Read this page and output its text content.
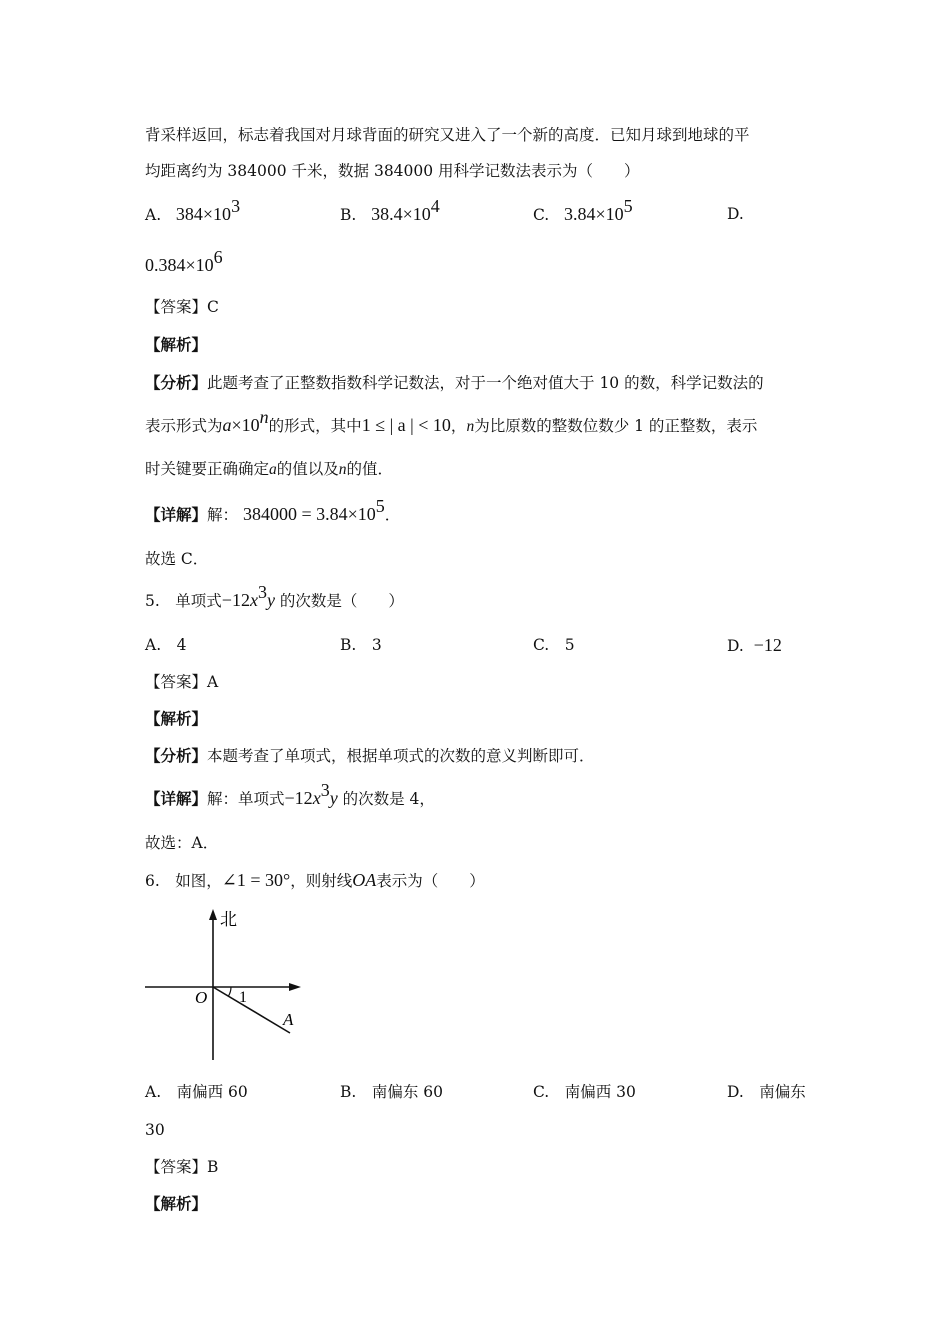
背采样返回，标志着我国对月球背面的研究又进入了一个新的高度．已知月球到地球的平
均距离约为 384000 千米，数据 384000 用科学记数法表示为（　　）
A. $384\times 10^3$	B. $38.4\times 10^4$	C. $3.84\times 10^5$	D.
$0.384\times 10^6$
【答案】C
【解析】
【分析】此题考查了正整数指数科学记数法，对于一个绝对值大于 10 的数，科学记数法的
表示形式为$a\times 10^n$的形式，其中1 ≤ | a | < 10，n为比原数的整数位数少 1 的正整数，表示
时关键要正确确定a的值以及n的值．
【详解】解： $384000 = 3.84\times 10^5$．
故选 C．
5.　单项式$-12x^3y$ 的次数是（　　）
A.　4	B.　3	C.　5	D. −12
【答案】A
【解析】
【分析】本题考查了单项式，根据单项式的次数的意义判断即可．
【详解】解：单项式$-12x^3y$ 的次数是 4，
故选：A．
6.　如图，∠1 = 30°，则射线OA表示为（　　）
北
O 1
A
A.　南偏西 60	B.　南偏东 60	C.　南偏西 30	D.　南偏东
30
【答案】B
【解析】
